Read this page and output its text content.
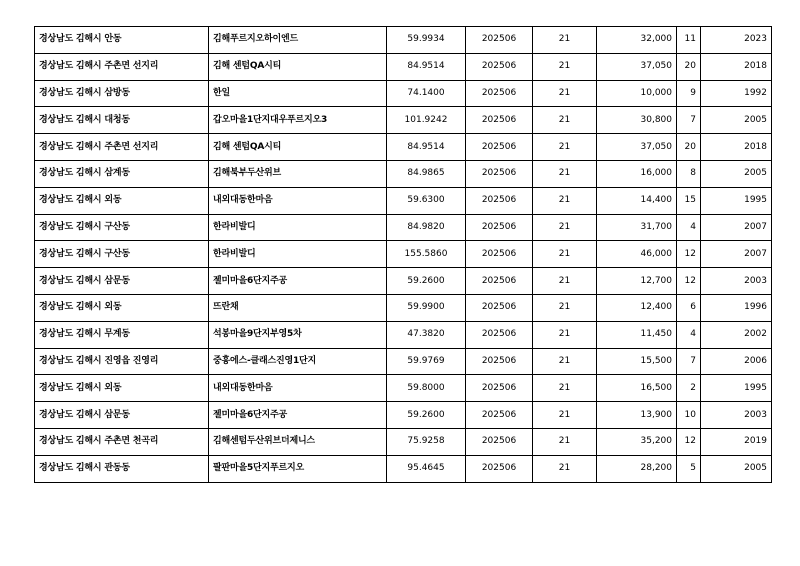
경상남도 김해시 안동	김해푸르지오하이엔드	59.9934	202506	21	32,000	11	2023
경상남도 김해시 주촌면 선지리	김해 센텀QA시티	84.9514	202506	21	37,050	20	2018
경상남도 김해시 삼방동	한일	74.1400	202506	21	10,000	9	1992
경상남도 김해시 대청동	갑오마을1단지대우푸르지오3	101.9242	202506	21	30,800	7	2005
경상남도 김해시 주촌면 선지리	김해 센텀QA시티	84.9514	202506	21	37,050	20	2018
경상남도 김해시 삼계동	김해북부두산위브	84.9865	202506	21	16,000	8	2005
경상남도 김해시 외동	내외대동한마음	59.6300	202506	21	14,400	15	1995
경상남도 김해시 구산동	한라비발디	84.9820	202506	21	31,700	4	2007
경상남도 김해시 구산동	한라비발디	155.5860	202506	21	46,000	12	2007
경상남도 김해시 삼문동	젤미마을6단지주공	59.2600	202506	21	12,700	12	2003
경상남도 김해시 외동	뜨란채	59.9900	202506	21	12,400	6	1996
경상남도 김해시 무계동	석봉마을9단지부영5차	47.3820	202506	21	11,450	4	2002
경상남도 김해시 진영읍 진영리	중흥에스-클래스진영1단지	59.9769	202506	21	15,500	7	2006
경상남도 김해시 외동	내외대동한마음	59.8000	202506	21	16,500	2	1995
경상남도 김해시 삼문동	젤미마을6단지주공	59.2600	202506	21	13,900	10	2003
경상남도 김해시 주촌면 천곡리	김해센텀두산위브더제니스	75.9258	202506	21	35,200	12	2019
경상남도 김해시 관동동	팔판마을5단지푸르지오	95.4645	202506	21	28,200	5	2005
